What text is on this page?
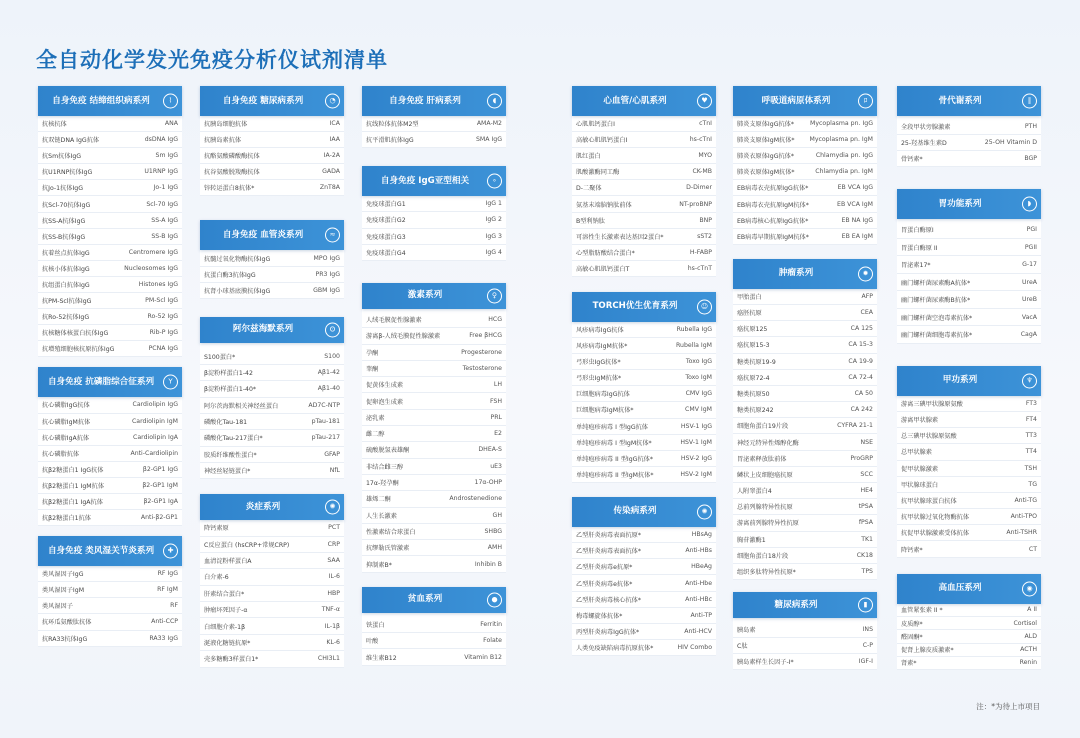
全自动化学发光免疫分析仪试剂清单
自身免疫 结缔组织病系列	⌇
抗核抗体	ANA
抗双链DNA IgG抗体	dsDNA IgG
抗Sm抗体IgG	Sm IgG
抗U1RNP抗体IgG	U1RNP IgG
抗Jo-1抗体IgG	Jo-1 IgG
抗Scl-70抗体IgG	Scl-70 IgG
抗SS-A抗体IgG	SS-A IgG
抗SS-B抗体IgG	SS-B IgG
抗着丝点抗体IgG	Centromere IgG
抗核小体抗体IgG	Nucleosomes IgG
抗组蛋白抗体IgG	Histones IgG
抗PM-Scl抗体IgG	PM-Scl IgG
抗Ro-52抗体IgG	Ro-52 IgG
抗核糖体核蛋白抗体IgG	Rib-P IgG
抗增殖细胞核抗原抗体IgG	PCNA IgG
自身免疫 抗磷脂综合征系列	Y
抗心磷脂IgG抗体	Cardiolipin IgG
抗心磷脂IgM抗体	Cardiolipin IgM
抗心磷脂IgA抗体	Cardiolipin IgA
抗心磷脂抗体	Anti-Cardiolipin
抗β2糖蛋白1 IgG抗体	β2-GP1 IgG
抗β2糖蛋白1 IgM抗体	β2-GP1 IgM
抗β2糖蛋白1 IgA抗体	β2-GP1 IgA
抗β2糖蛋白1抗体	Anti-β2-GP1
自身免疫 类风湿关节炎系列	✚
类风湿因子IgG	RF IgG
类风湿因子IgM	RF IgM
类风湿因子	RF
抗环瓜氨酸肽抗体	Anti-CCP
抗RA33抗体IgG	RA33 IgG
自身免疫 糖尿病系列	◔
抗胰岛细胞抗体	ICA
抗胰岛素抗体	IAA
抗酪氨酸磷酸酶抗体	IA-2A
抗谷氨酸脱羧酶抗体	GADA
锌转运蛋白8抗体*	ZnT8A
自身免疫 血管炎系列	≈
抗髓过氧化物酶抗体IgG	MPO IgG
抗蛋白酶3抗体IgG	PR3 IgG
抗肾小球基底膜抗体IgG	GBM IgG
阿尔兹海默系列	ʘ
S100蛋白*	S100
β淀粉样蛋白1-42	Aβ1-42
β淀粉样蛋白1-40*	Aβ1-40
阿尔茨海默相关神经丝蛋白	AD7C-NTP
磷酸化Tau-181	pTau-181
磷酸化Tau-217蛋白*	pTau-217
胶质纤维酸性蛋白*	GFAP
神经丝轻链蛋白*	NfL
炎症系列	✺
降钙素原	PCT
C反应蛋白 (hsCRP+常规CRP)	CRP
血清淀粉样蛋白A	SAA
白介素-6	IL-6
肝素结合蛋白*	HBP
肿瘤坏死因子-α	TNF-α
白细胞介素-1β	IL-1β
涎液化糖链抗原*	KL-6
壳多糖酶3样蛋白1*	CHI3L1
自身免疫 肝病系列	◖
抗线粒体抗体M2型	AMA-M2
抗平滑肌抗体IgG	SMA IgG
自身免疫 IgG亚型相关	∘
免疫球蛋白G1	IgG 1
免疫球蛋白G2	IgG 2
免疫球蛋白G3	IgG 3
免疫球蛋白G4	IgG 4
激素系列	♀
人绒毛膜促性腺激素	HCG
游离β-人绒毛膜促性腺激素	Free βHCG
孕酮	Progesterone
睾酮	Testosterone
促黄体生成素	LH
促卵泡生成素	FSH
泌乳素	PRL
雌二醇	E2
硫酸脱氢表雄酮	DHEA-S
非结合雌三醇	uE3
17α-羟孕酮	17α-OHP
雄烯二酮	Androstenedione
人生长激素	GH
性激素结合球蛋白	SHBG
抗缪勒氏管激素	AMH
抑制素B*	Inhibin B
贫血系列	●
铁蛋白	Ferritin
叶酸	Folate
维生素B12	Vitamin B12
心血管/心肌系列	♥
心肌肌钙蛋白I	cTnI
高敏心肌肌钙蛋白I	hs-cTnI
肌红蛋白	MYO
肌酸激酶同工酶	CK-MB
D-二聚体	D-Dimer
氨基末端脑钠肽前体	NT-proBNP
B型利钠肽	BNP
可溶性生长激素表达基因2蛋白*	sST2
心型脂肪酸结合蛋白*	H-FABP
高敏心肌肌钙蛋白T	hs-cTnT
TORCH优生优育系列	☺
风疹病毒IgG抗体	Rubella IgG
风疹病毒IgM抗体*	Rubella IgM
弓形虫IgG抗体*	Toxo IgG
弓形虫IgM抗体*	Toxo IgM
巨细胞病毒IgG抗体	CMV IgG
巨细胞病毒IgM抗体*	CMV IgM
单纯疱疹病毒 I 型IgG抗体	HSV-1 IgG
单纯疱疹病毒 I 型IgM抗体*	HSV-1 IgM
单纯疱疹病毒 II 型IgG抗体*	HSV-2 IgG
单纯疱疹病毒 II 型IgM抗体*	HSV-2 IgM
传染病系列	✺
乙型肝炎病毒表面抗原*	HBsAg
乙型肝炎病毒表面抗体*	Anti-HBs
乙型肝炎病毒e抗原*	HBeAg
乙型肝炎病毒e抗体*	Anti-Hbe
乙型肝炎病毒核心抗体*	Anti-HBc
梅毒螺旋体抗体*	Anti-TP
丙型肝炎病毒IgG抗体*	Anti-HCV
人类免疫缺陷病毒抗原抗体*	HIV Combo
呼吸道病原体系列	ﾛ
肺炎支原体IgG抗体*	Mycoplasma pn. IgG
肺炎支原体IgM抗体* Mycoplasma pn. IgM
肺炎衣原体IgG抗体*	Chlamydia pn. IgG
肺炎衣原体IgM抗体*	Chlamydia pn. IgM
EB病毒衣壳抗原IgG抗体*	EB VCA IgG
EB病毒衣壳抗原IgM抗体*	EB VCA IgM
EB病毒核心抗原IgG抗体*	EB NA IgG
EB病毒早期抗原IgM抗体*	EB EA IgM
肿瘤系列	✹
甲胎蛋白	AFP
癌胚抗原	CEA
癌抗原125	CA 125
癌抗原15-3	CA 15-3
糖类抗原19-9	CA 19-9
癌抗原72-4	CA 72-4
糖类抗原50	CA 50
糖类抗原242	CA 242
细胞角蛋白19片段	CYFRA 21-1
神经元特异性烯醇化酶	NSE
胃泌素释放肽前体	ProGRP
鳞状上皮细胞癌抗原	SCC
人附睾蛋白4	HE4
总前列腺特异性抗原	tPSA
游离前列腺特异性抗原	fPSA
胸苷激酶1	TK1
细胞角蛋白18片段	CK18
组织多肽特异性抗原*	TPS
糖尿病系列	▮
胰岛素	INS
C肽	C-P
胰岛素样生长因子-I*	IGF-I
骨代谢系列	∥
全段甲状旁腺激素	PTH
25-羟基维生素D	25-OH Vitamin D
骨钙素*	BGP
胃功能系列	◗
胃蛋白酶原I	PGI
胃蛋白酶原 II	PGII
胃泌素17*	G-17
幽门螺杆菌尿素酶A抗体*	UreA
幽门螺杆菌尿素酶B抗体*	UreB
幽门螺杆菌空泡毒素抗体*	VacA
幽门螺杆菌细胞毒素抗体*	CagA
甲功系列	♆
游离三碘甲状腺原氨酸	FT3
游离甲状腺素	FT4
总三碘甲状腺原氨酸	TT3
总甲状腺素	TT4
促甲状腺激素	TSH
甲状腺球蛋白	TG
抗甲状腺球蛋白抗体	Anti-TG
抗甲状腺过氧化物酶抗体	Anti-TPO
抗促甲状腺激素受体抗体	Anti-TSHR
降钙素*	CT
高血压系列	◉
血管紧张素 II *	A II
皮质醇*	Cortisol
醛固酮*	ALD
促肾上腺皮质激素*	ACTH
肾素*	Renin
注：*为待上市项目
